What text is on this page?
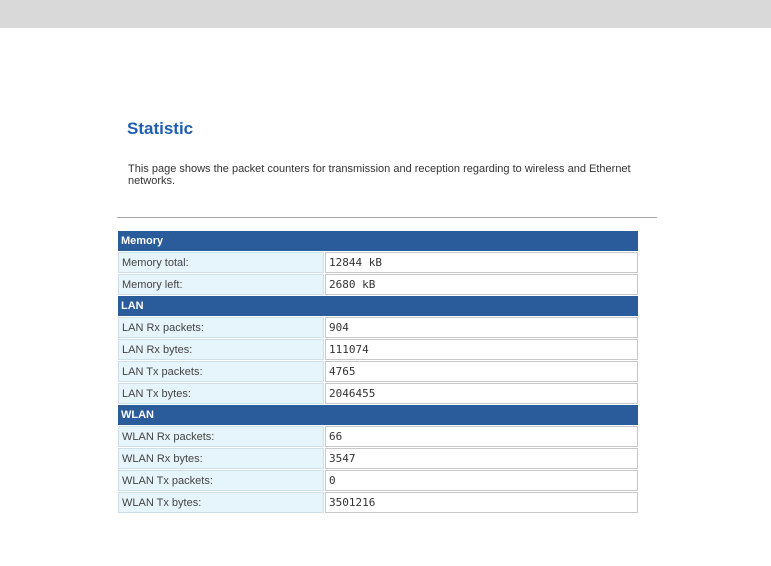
Statistic

This page shows the packet counters for transmission and reception regarding to wireless and Ethernet networks.

Memory	
Memory total:	12844 kB
Memory left:	2680 kB
LAN	
LAN Rx packets:	904
LAN Rx bytes:	111074
LAN Tx packets:	4765
LAN Tx bytes:	2046455
WLAN	
WLAN Rx packets:	66
WLAN Rx bytes:	3547
WLAN Tx packets:	0
WLAN Tx bytes:	3501216
